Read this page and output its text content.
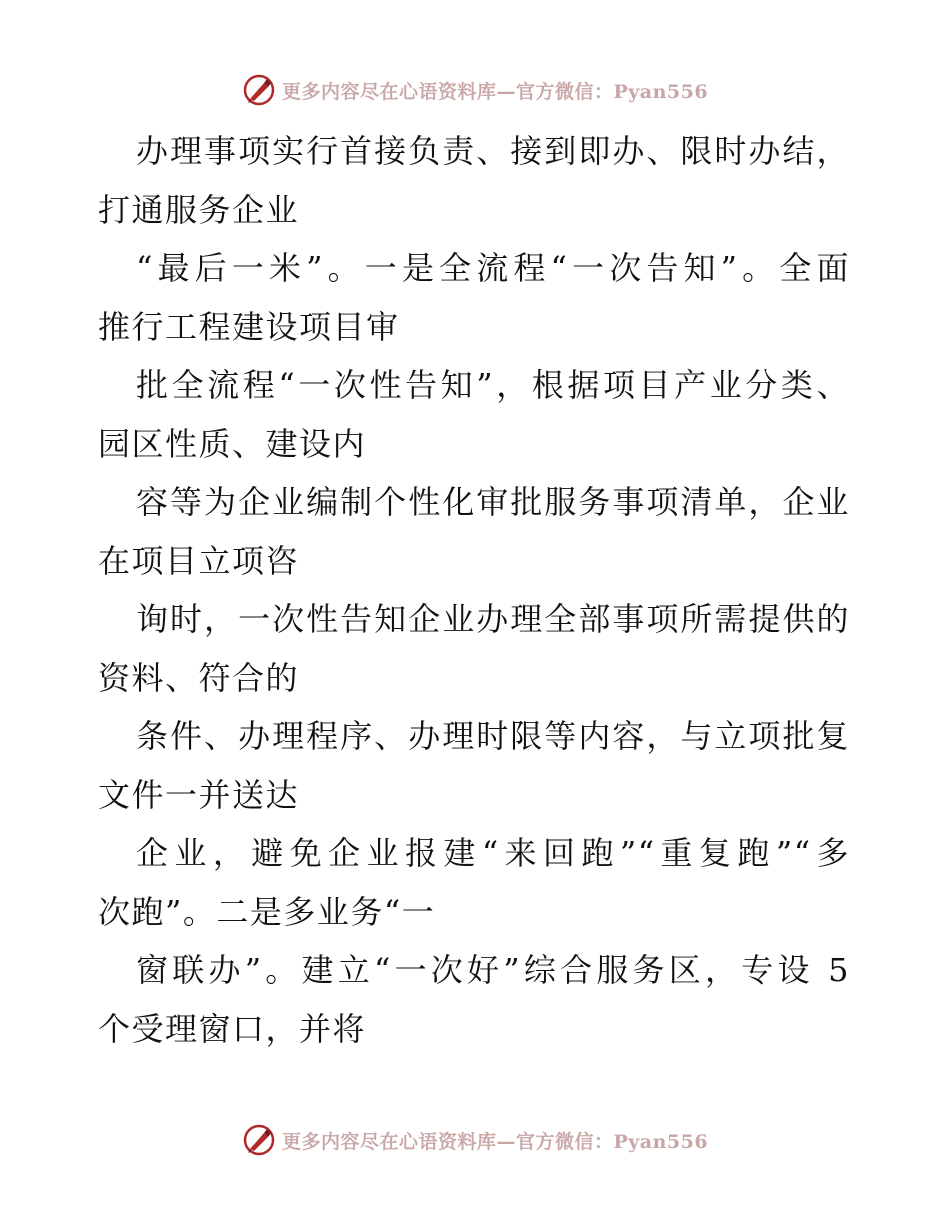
更多内容尽在心语资料库—官方微信：Pyan556
办理事项实行首接负责、接到即办、限时办结，
打通服务企业
“最后一米”。一是全流程“一次告知”。全面
推行工程建设项目审
批全流程“一次性告知”，根据项目产业分类、
园区性质、建设内
容等为企业编制个性化审批服务事项清单，企业
在项目立项咨
询时，一次性告知企业办理全部事项所需提供的
资料、符合的
条件、办理程序、办理时限等内容，与立项批复
文件一并送达
企业，避免企业报建“来回跑”“重复跑”“多
次跑”。二是多业务“一
窗联办”。建立“一次好”综合服务区，专设 5
个受理窗口，并将
更多内容尽在心语资料库—官方微信：Pyan556
